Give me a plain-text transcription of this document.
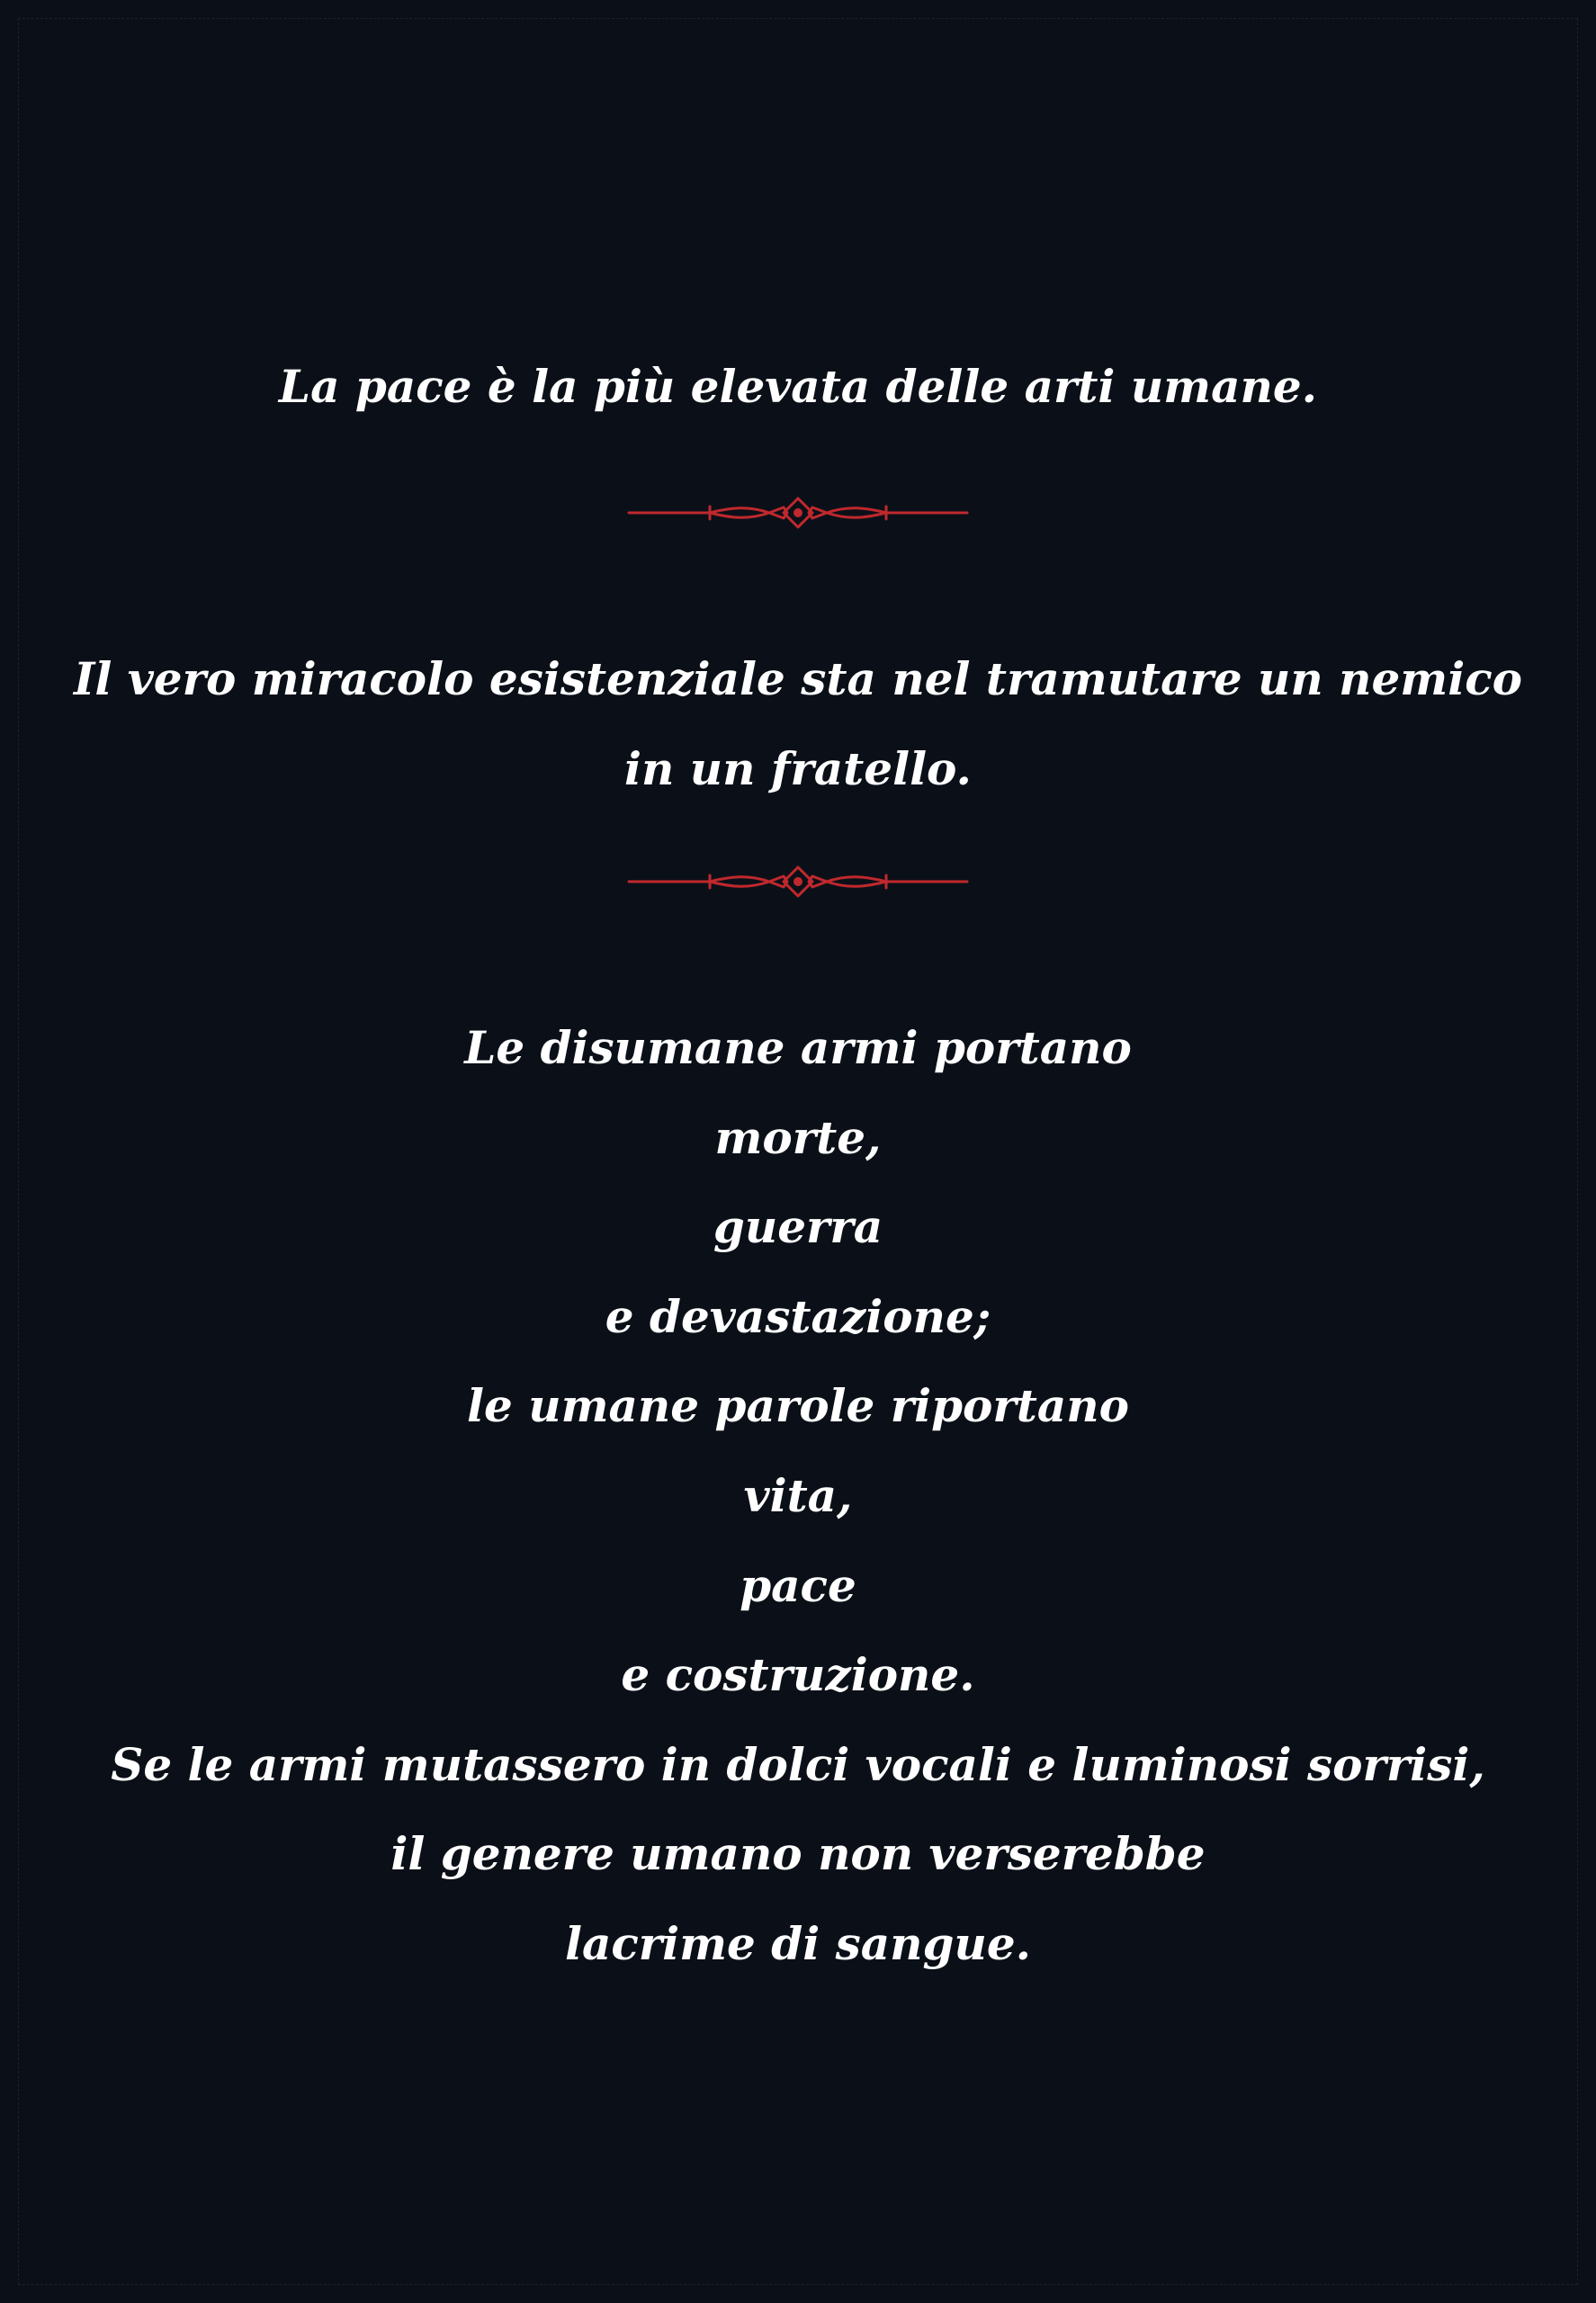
La pace è la più elevata delle arti umane.
Il vero miracolo esistenziale sta nel tramutare un nemico
in un fratello.
Le disumane armi portano
morte,
guerra
e devastazione;
le umane parole riportano
vita,
pace
e costruzione.
Se le armi mutassero in dolci vocali e luminosi sorrisi,
il genere umano non verserebbe
lacrime di sangue.
